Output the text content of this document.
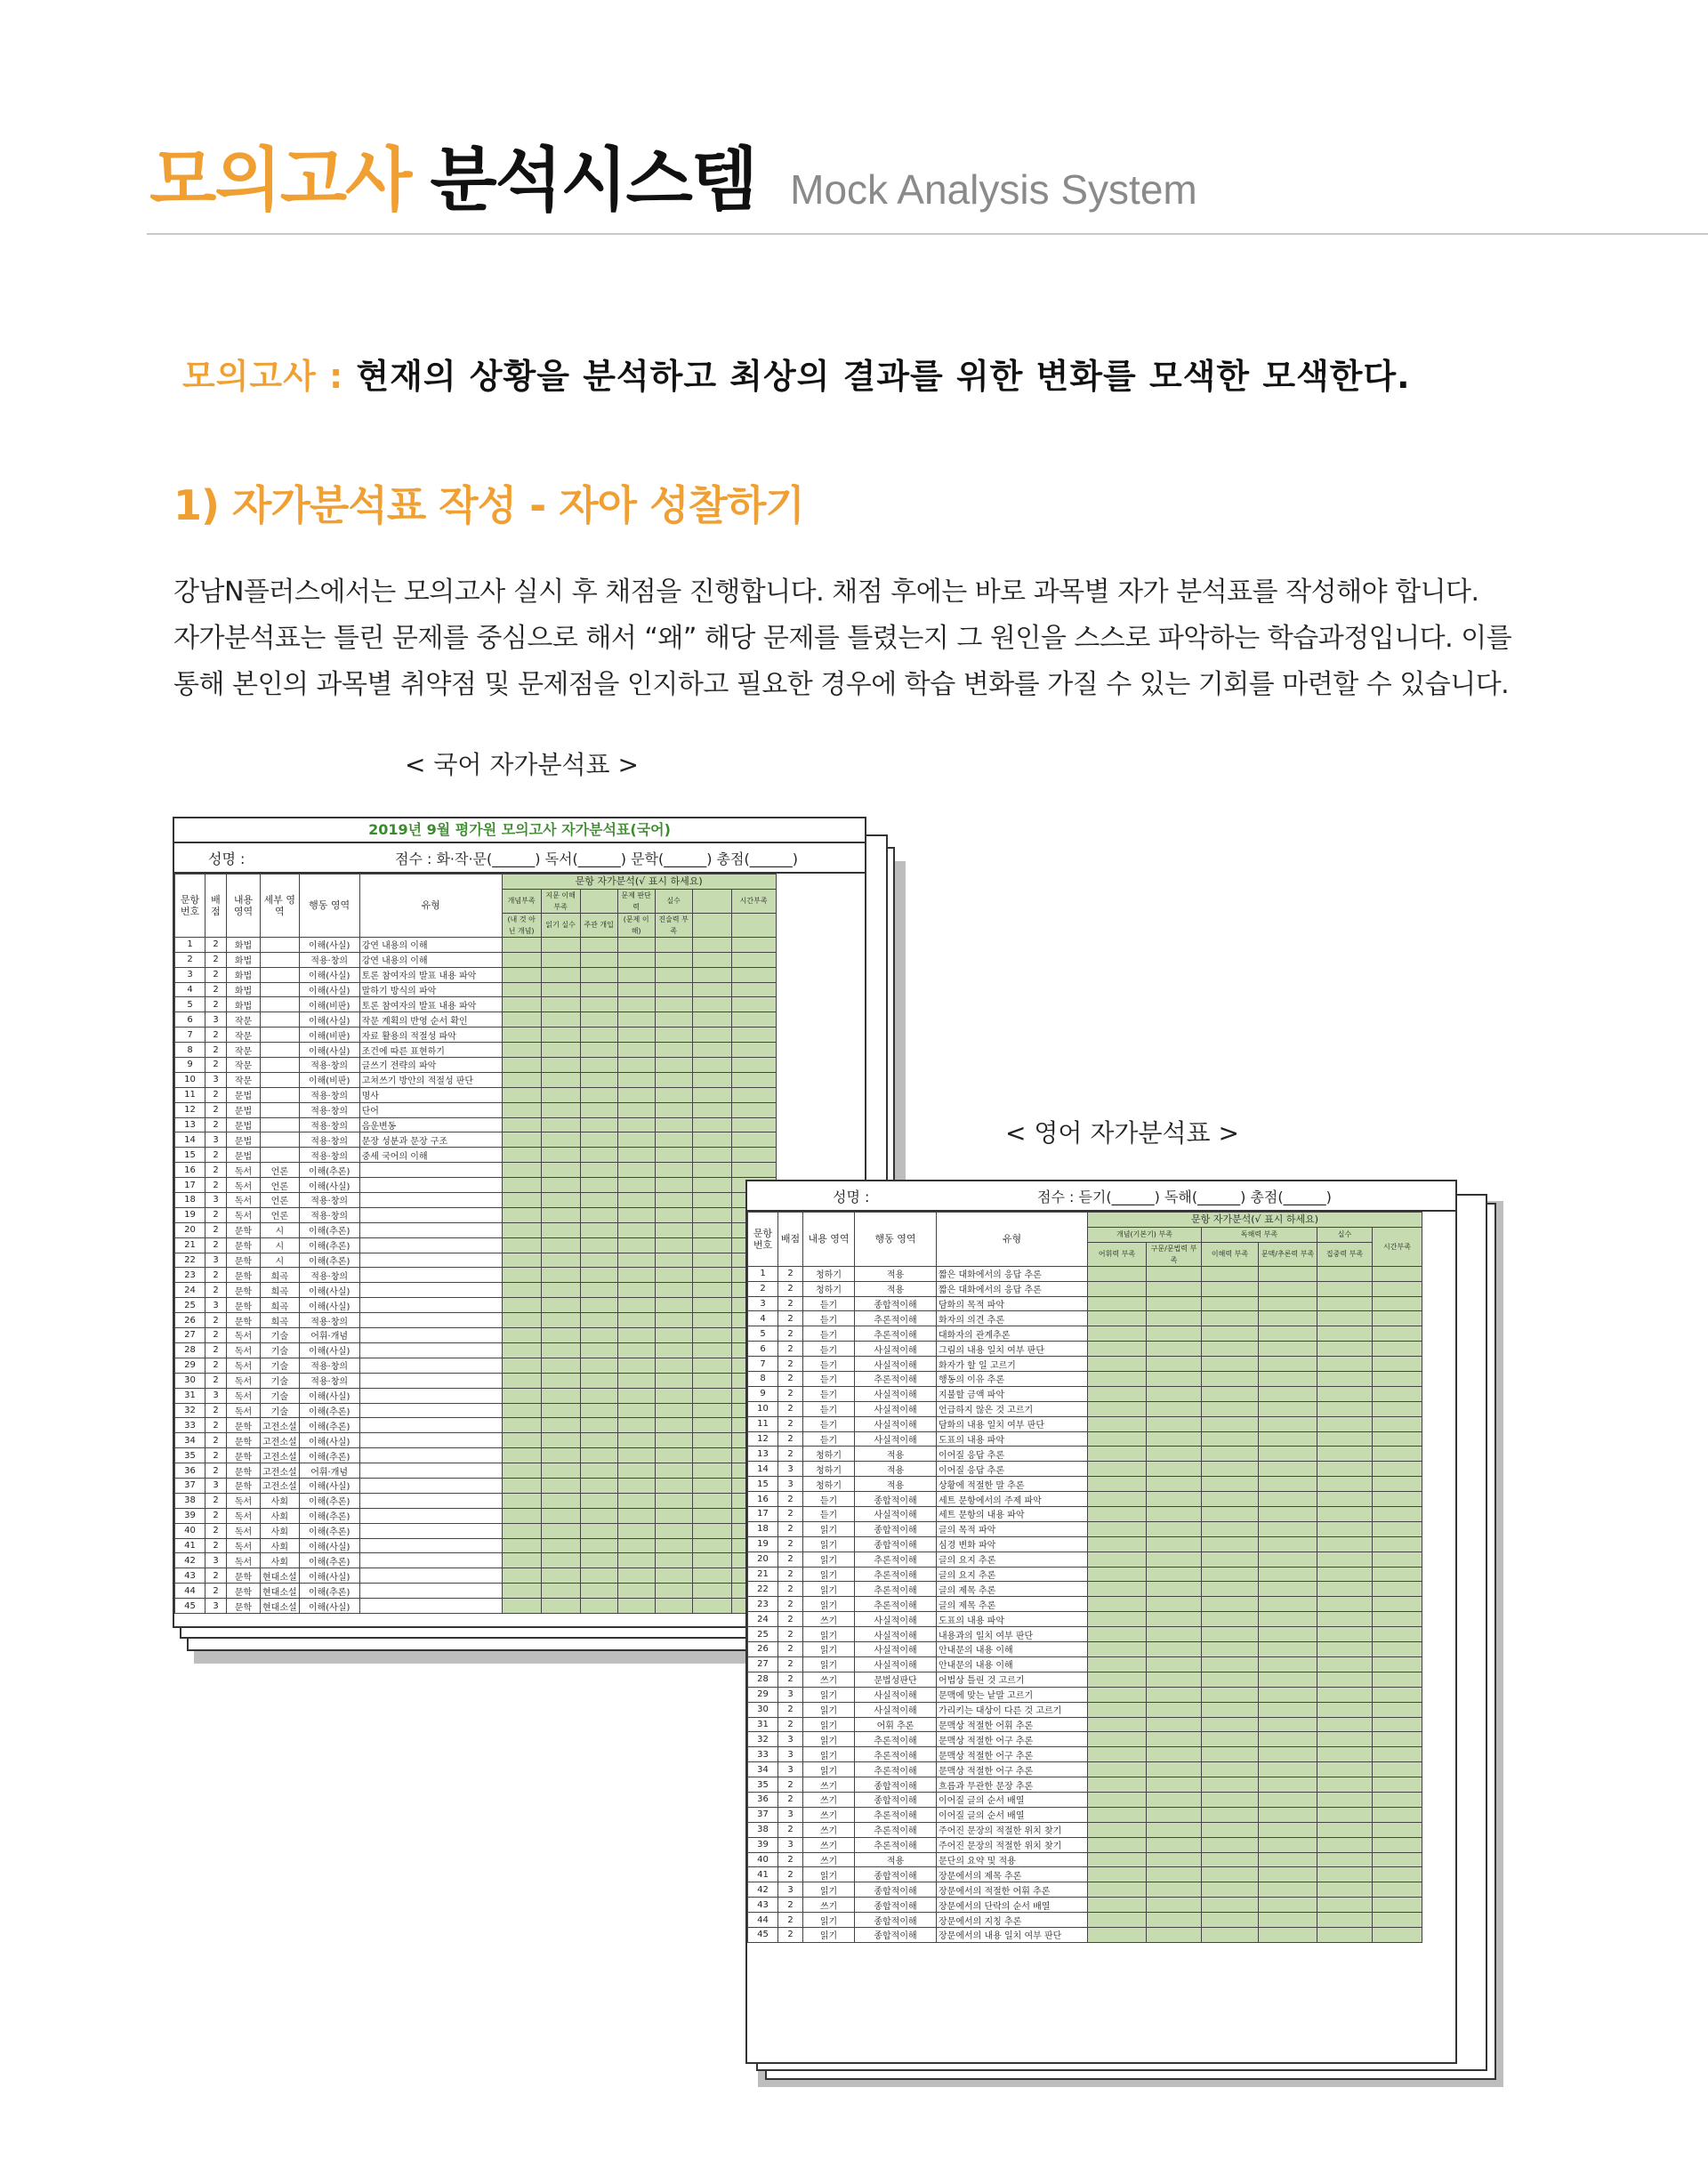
모의고사 분석시스템 Mock Analysis System
모의고사 : 현재의 상황을 분석하고 최상의 결과를 위한 변화를 모색한 모색한다.
1) 자가분석표 작성 - 자아 성찰하기
강남N플러스에서는 모의고사 실시 후 채점을 진행합니다. 채점 후에는 바로 과목별 자가 분석표를 작성해야 합니다.
자가분석표는 틀린 문제를 중심으로 해서 “왜” 해당 문제를 틀렸는지 그 원인을 스스로 파악하는 학습과정입니다. 이를
통해 본인의 과목별 취약점 및 문제점을 인지하고 필요한 경우에 학습 변화를 가질 수 있는 기회를 마련할 수 있습니다.
< 국어 자가분석표 >
< 영어 자가분석표 >
2019년 9월 평가원 모의고사 자가분석표(국어)
성명 :	점수 : 화·작·문(______) 독서(______) 문학(______) 총점(______)
문항 번호	배점	내용 영역	세부 영역	행동 영역	유형	문항 자가분석(√ 표시 하세요)						
						개념부족	지문 이해 부족		문제 판단력	실수		시간부족
						(내 것 아닌 개념)	읽기 실수	주관 개입	(문제 이해)	진술력 부족		
1	2	화법		이해(사실)	강연 내용의 이해							
2	2	화법		적용·창의	강연 내용의 이해							
3	2	화법		이해(사실)	토론 참여자의 발표 내용 파악							
4	2	화법		이해(사실)	말하기 방식의 파악							
5	2	화법		이해(비판)	토론 참여자의 발표 내용 파악							
6	3	작문		이해(사실)	작문 계획의 반영 순서 확인							
7	2	작문		이해(비판)	자료 활용의 적절성 파악							
8	2	작문		이해(사실)	조건에 따른 표현하기							
9	2	작문		적용·창의	글쓰기 전략의 파악							
10	3	작문		이해(비판)	고쳐쓰기 방안의 적절성 판단							
11	2	문법		적용·창의	명사							
12	2	문법		적용·창의	단어							
13	2	문법		적용·창의	음운변동							
14	3	문법		적용·창의	문장 성분과 문장 구조							
15	2	문법		적용·창의	중세 국어의 이해							
16	2	독서	언론	이해(추론)								
17	2	독서	언론	이해(사실)								
18	3	독서	언론	적용·창의								
19	2	독서	언론	적용·창의								
20	2	문학	시	이해(추론)								
21	2	문학	시	이해(추론)								
22	3	문학	시	이해(추론)								
23	2	문학	희곡	적용·창의								
24	2	문학	희곡	이해(사실)								
25	3	문학	희곡	이해(사실)								
26	2	문학	희곡	적용·창의								
27	2	독서	기술	어휘·개념								
28	2	독서	기술	이해(사실)								
29	2	독서	기술	적용·창의								
30	2	독서	기술	적용·창의								
31	3	독서	기술	이해(사실)								
32	2	독서	기술	이해(추론)								
33	2	문학	고전소설	이해(추론)								
34	2	문학	고전소설	이해(사실)								
35	2	문학	고전소설	이해(추론)								
36	2	문학	고전소설	어휘·개념								
37	3	문학	고전소설	이해(사실)								
38	2	독서	사회	이해(추론)								
39	2	독서	사회	이해(추론)								
40	2	독서	사회	이해(추론)								
41	2	독서	사회	이해(사실)								
42	3	독서	사회	이해(추론)								
43	2	문학	현대소설	이해(사실)								
44	2	문학	현대소설	이해(추론)								
45	3	문학	현대소설	이해(사실)								
성명 :	점수 : 듣기(______) 독해(______) 총점(______)
문항 번호	배점	내용 영역	행동 영역	유형	문항 자가분석(√ 표시 하세요)					
					개념(기본기) 부족		독해력 부족		실수	시간부족
					어휘력 부족	구문/문법력 부족	이해력 부족	문맥/추론력 부족	집중력 부족	
1	2	청하기	적용	짧은 대화에서의 응답 추론						
2	2	청하기	적용	짧은 대화에서의 응답 추론						
3	2	듣기	종합적이해	담화의 목적 파악						
4	2	듣기	추론적이해	화자의 의견 추론						
5	2	듣기	추론적이해	대화자의 관계추론						
6	2	듣기	사실적이해	그림의 내용 일치 여부 판단						
7	2	듣기	사실적이해	화자가 할 일 고르기						
8	2	듣기	추론적이해	행동의 이유 추론						
9	2	듣기	사실적이해	지불할 금액 파악						
10	2	듣기	사실적이해	언급하지 않은 것 고르기						
11	2	듣기	사실적이해	담화의 내용 일치 여부 판단						
12	2	듣기	사실적이해	도표의 내용 파악						
13	2	청하기	적용	이어질 응답 추론						
14	3	청하기	적용	이어질 응답 추론						
15	3	청하기	적용	상황에 적절한 말 추론						
16	2	듣기	종합적이해	세트 문항에서의 주제 파악						
17	2	듣기	사실적이해	세트 문항의 내용 파악						
18	2	읽기	종합적이해	글의 목적 파악						
19	2	읽기	종합적이해	심경 변화 파악						
20	2	읽기	추론적이해	글의 요지 추론						
21	2	읽기	추론적이해	글의 요지 추론						
22	2	읽기	추론적이해	글의 제목 추론						
23	2	읽기	추론적이해	글의 제목 추론						
24	2	쓰기	사실적이해	도표의 내용 파악						
25	2	읽기	사실적이해	내용과의 일치 여부 판단						
26	2	읽기	사실적이해	안내문의 내용 이해						
27	2	읽기	사실적이해	안내문의 내용 이해						
28	2	쓰기	문법성판단	어법상 틀린 것 고르기						
29	3	읽기	사실적이해	문맥에 맞는 낱말 고르기						
30	2	읽기	사실적이해	가리키는 대상이 다른 것 고르기						
31	2	읽기	어휘 추론	문맥상 적절한 어휘 추론						
32	3	읽기	추론적이해	문맥상 적절한 어구 추론						
33	3	읽기	추론적이해	문맥상 적절한 어구 추론						
34	3	읽기	추론적이해	문맥상 적절한 어구 추론						
35	2	쓰기	종합적이해	흐름과 무관한 문장 추론						
36	2	쓰기	종합적이해	이어질 글의 순서 배열						
37	3	쓰기	추론적이해	이어질 글의 순서 배열						
38	2	쓰기	추론적이해	주어진 문장의 적절한 위치 찾기						
39	3	쓰기	추론적이해	주어진 문장의 적절한 위치 찾기						
40	2	쓰기	적용	문단의 요약 및 적용						
41	2	읽기	종합적이해	장문에서의 제목 추론						
42	3	읽기	종합적이해	장문에서의 적절한 어휘 추론						
43	2	쓰기	종합적이해	장문에서의 단락의 순서 배열						
44	2	읽기	종합적이해	장문에서의 지칭 추론						
45	2	읽기	종합적이해	장문에서의 내용 일치 여부 판단						
